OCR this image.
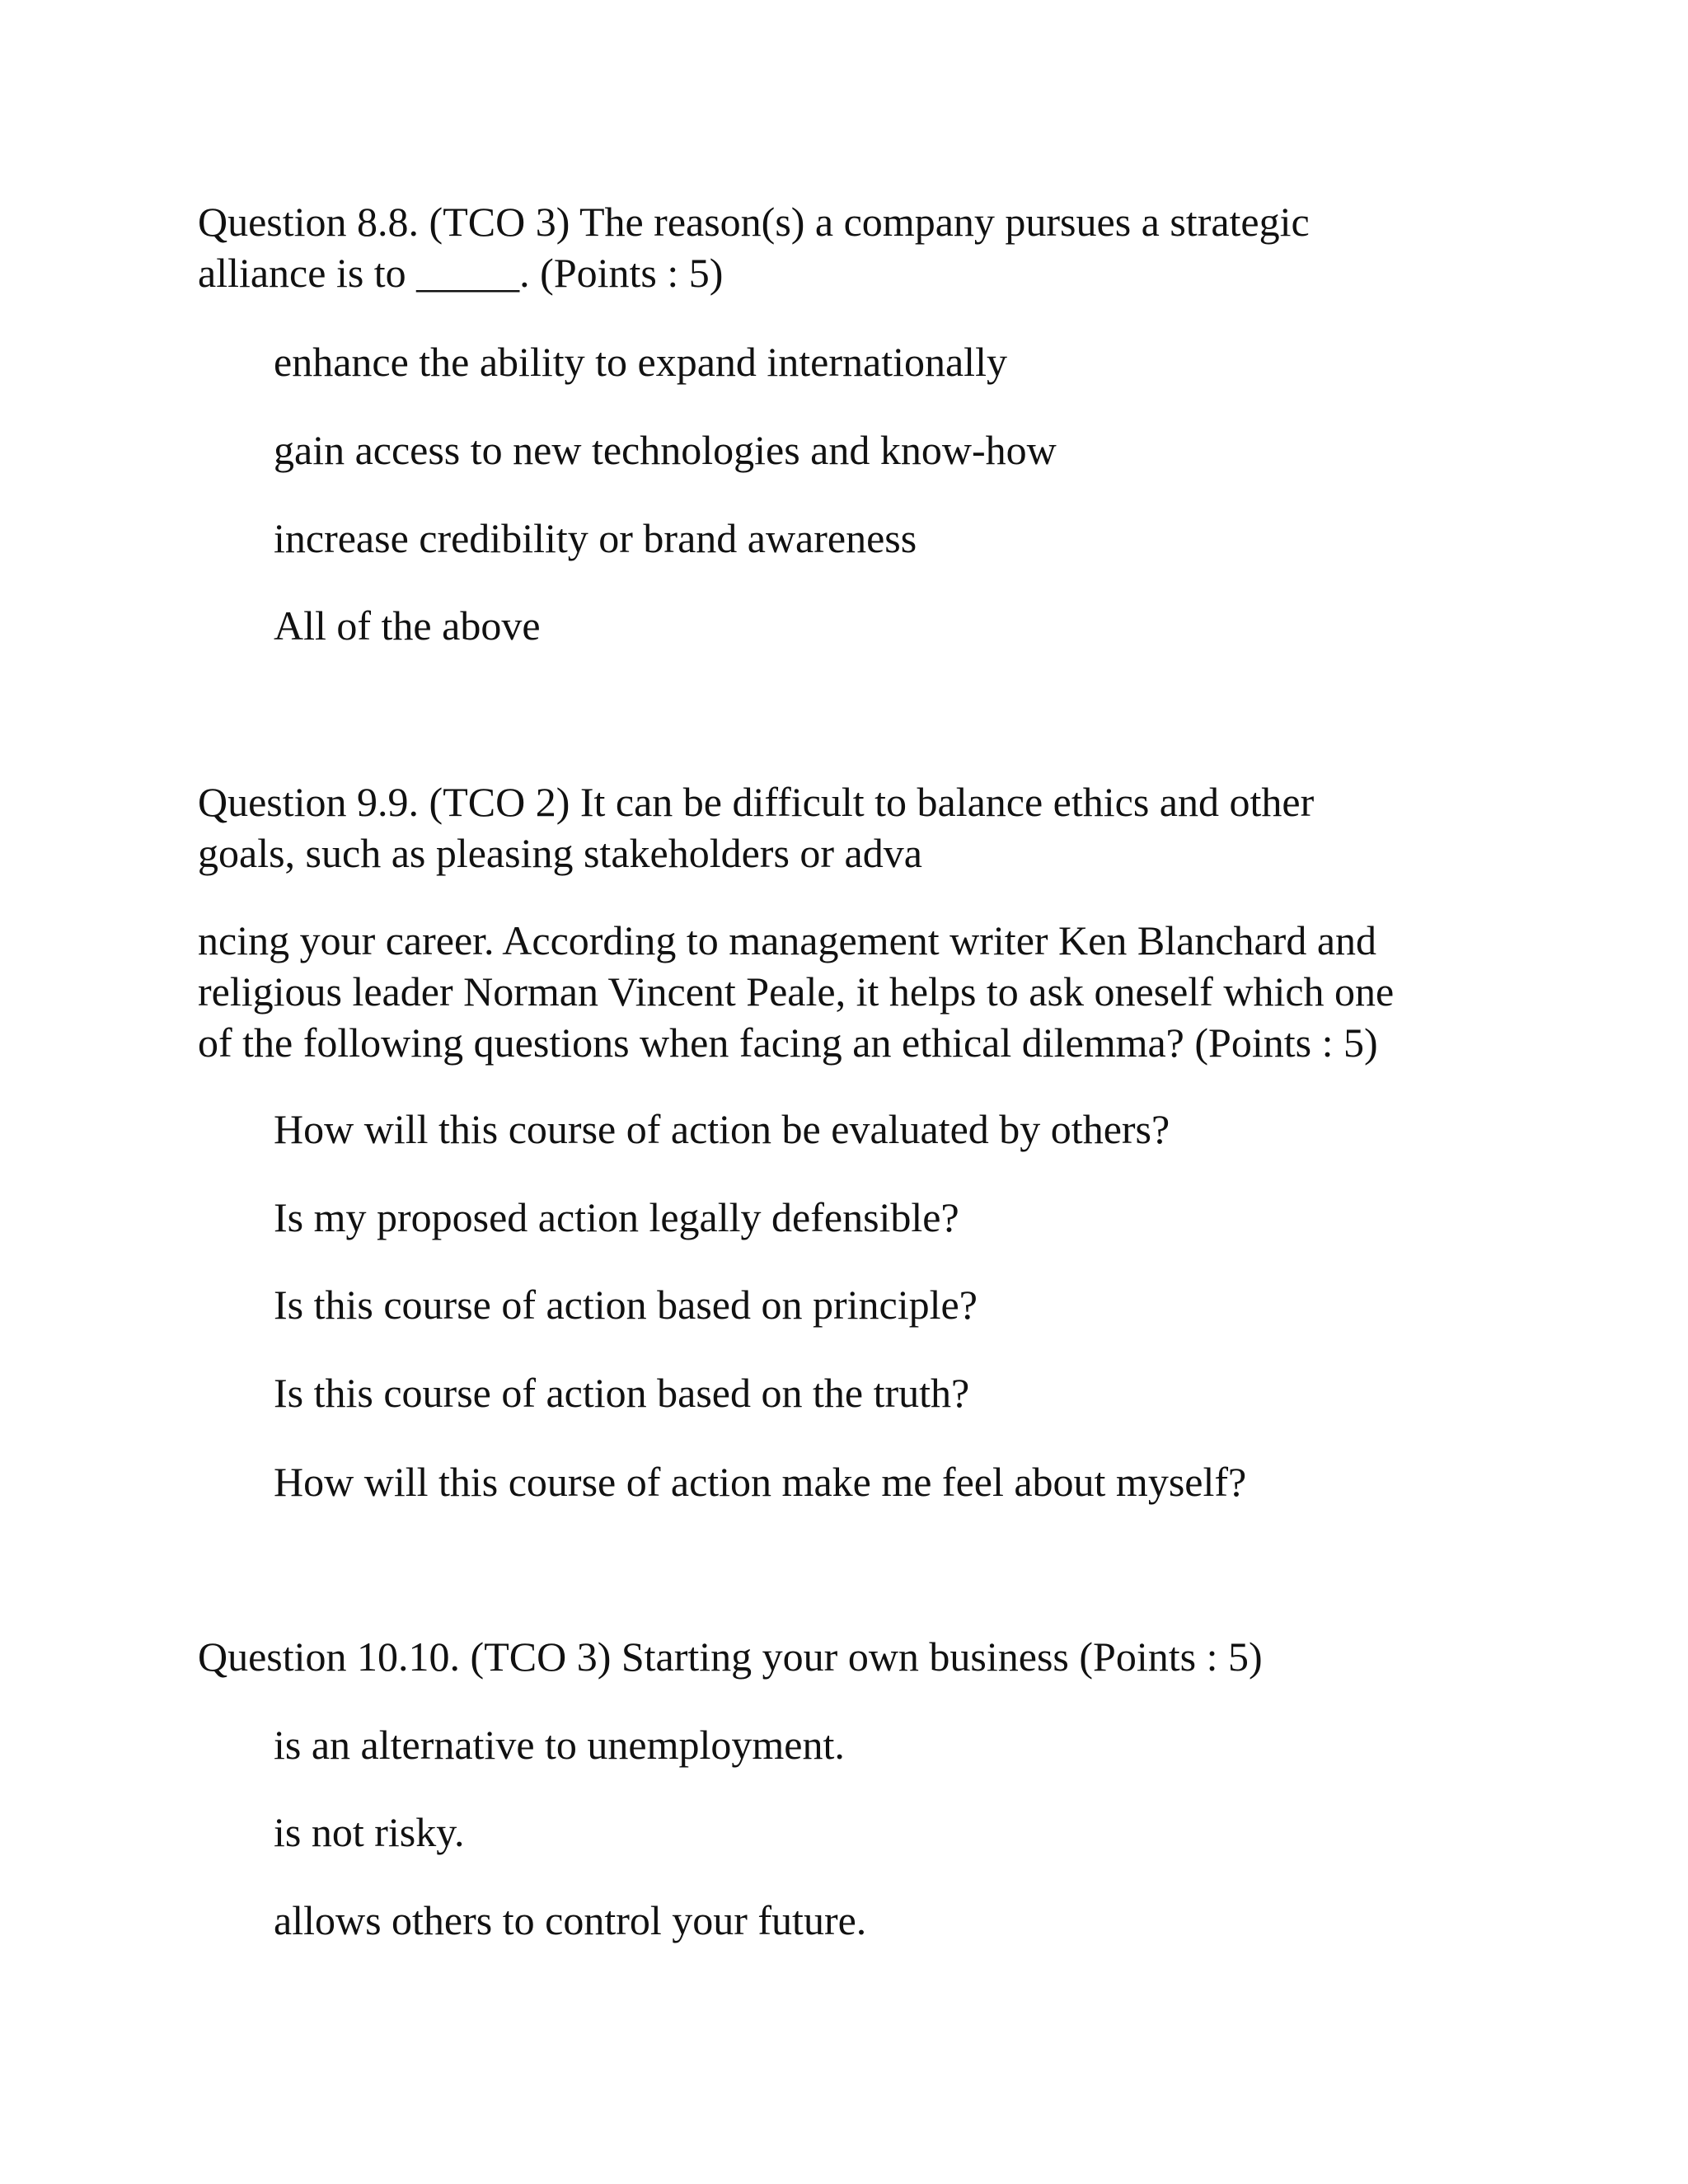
Question 8.8. (TCO 3) The reason(s) a company pursues a strategic
alliance is to _____. (Points : 5)
enhance the ability to expand internationally
gain access to new technologies and know-how
increase credibility or brand awareness
All of the above
Question 9.9. (TCO 2) It can be difficult to balance ethics and other
goals, such as pleasing stakeholders or adva
ncing your career. According to management writer Ken Blanchard and
religious leader Norman Vincent Peale, it helps to ask oneself which one
of the following questions when facing an ethical dilemma? (Points : 5)
How will this course of action be evaluated by others?
Is my proposed action legally defensible?
Is this course of action based on principle?
Is this course of action based on the truth?
How will this course of action make me feel about myself?
Question 10.10. (TCO 3) Starting your own business (Points : 5)
is an alternative to unemployment.
is not risky.
allows others to control your future.
